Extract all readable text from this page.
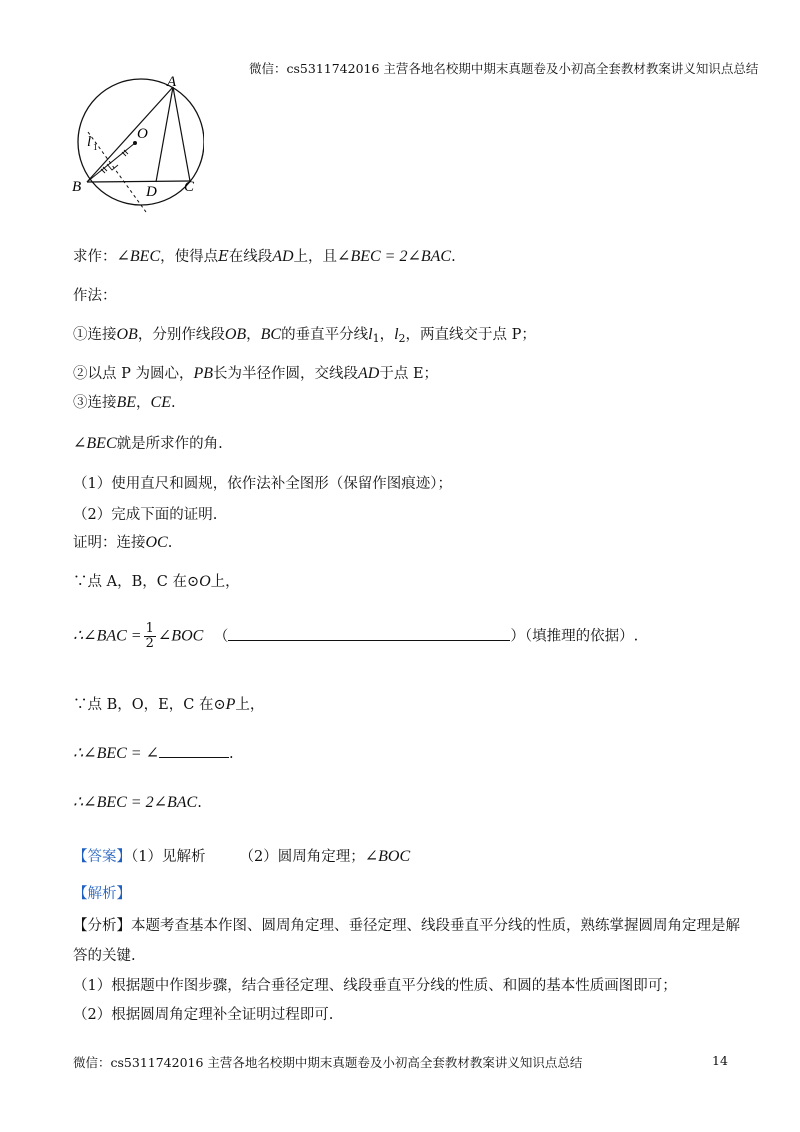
微信：cs5311742016 主营各地名校期中期末真题卷及小初高全套教材教案讲义知识点总结
A
B	C
D
O
l 1
求作：∠BEC，使得点E在线段AD上，且∠BEC = 2∠BAC.
作法：
①连接OB，分别作线段OB，BC的垂直平分线$l_1$，$l_2$，两直线交于点 P；
②以点 P 为圆心，PB长为半径作圆，交线段AD于点 E；
③连接BE，CE.
∠BEC就是所求作的角.
（1）使用直尺和圆规，依作法补全图形（保留作图痕迹）；
（2）完成下面的证明.
证明：连接OC.
∵点 A，B，C 在⊙O上，
∴∠BAC = $\frac{1}{2}$ ∠BOC （	）（填推理的依据）.
∵点 B，O，E，C 在⊙P上，
∴∠BEC = ∠	.
∴∠BEC = 2∠BAC.
【答案】（1）见解析 （2）圆周角定理；∠BOC
【解析】
【分析】本题考查基本作图、圆周角定理、垂径定理、线段垂直平分线的性质，熟练掌握圆周角定理是解
答的关键.
（1）根据题中作图步骤，结合垂径定理、线段垂直平分线的性质、和圆的基本性质画图即可；
（2）根据圆周角定理补全证明过程即可.
微信：cs5311742016 主营各地名校期中期末真题卷及小初高全套教材教案讲义知识点总结	14
